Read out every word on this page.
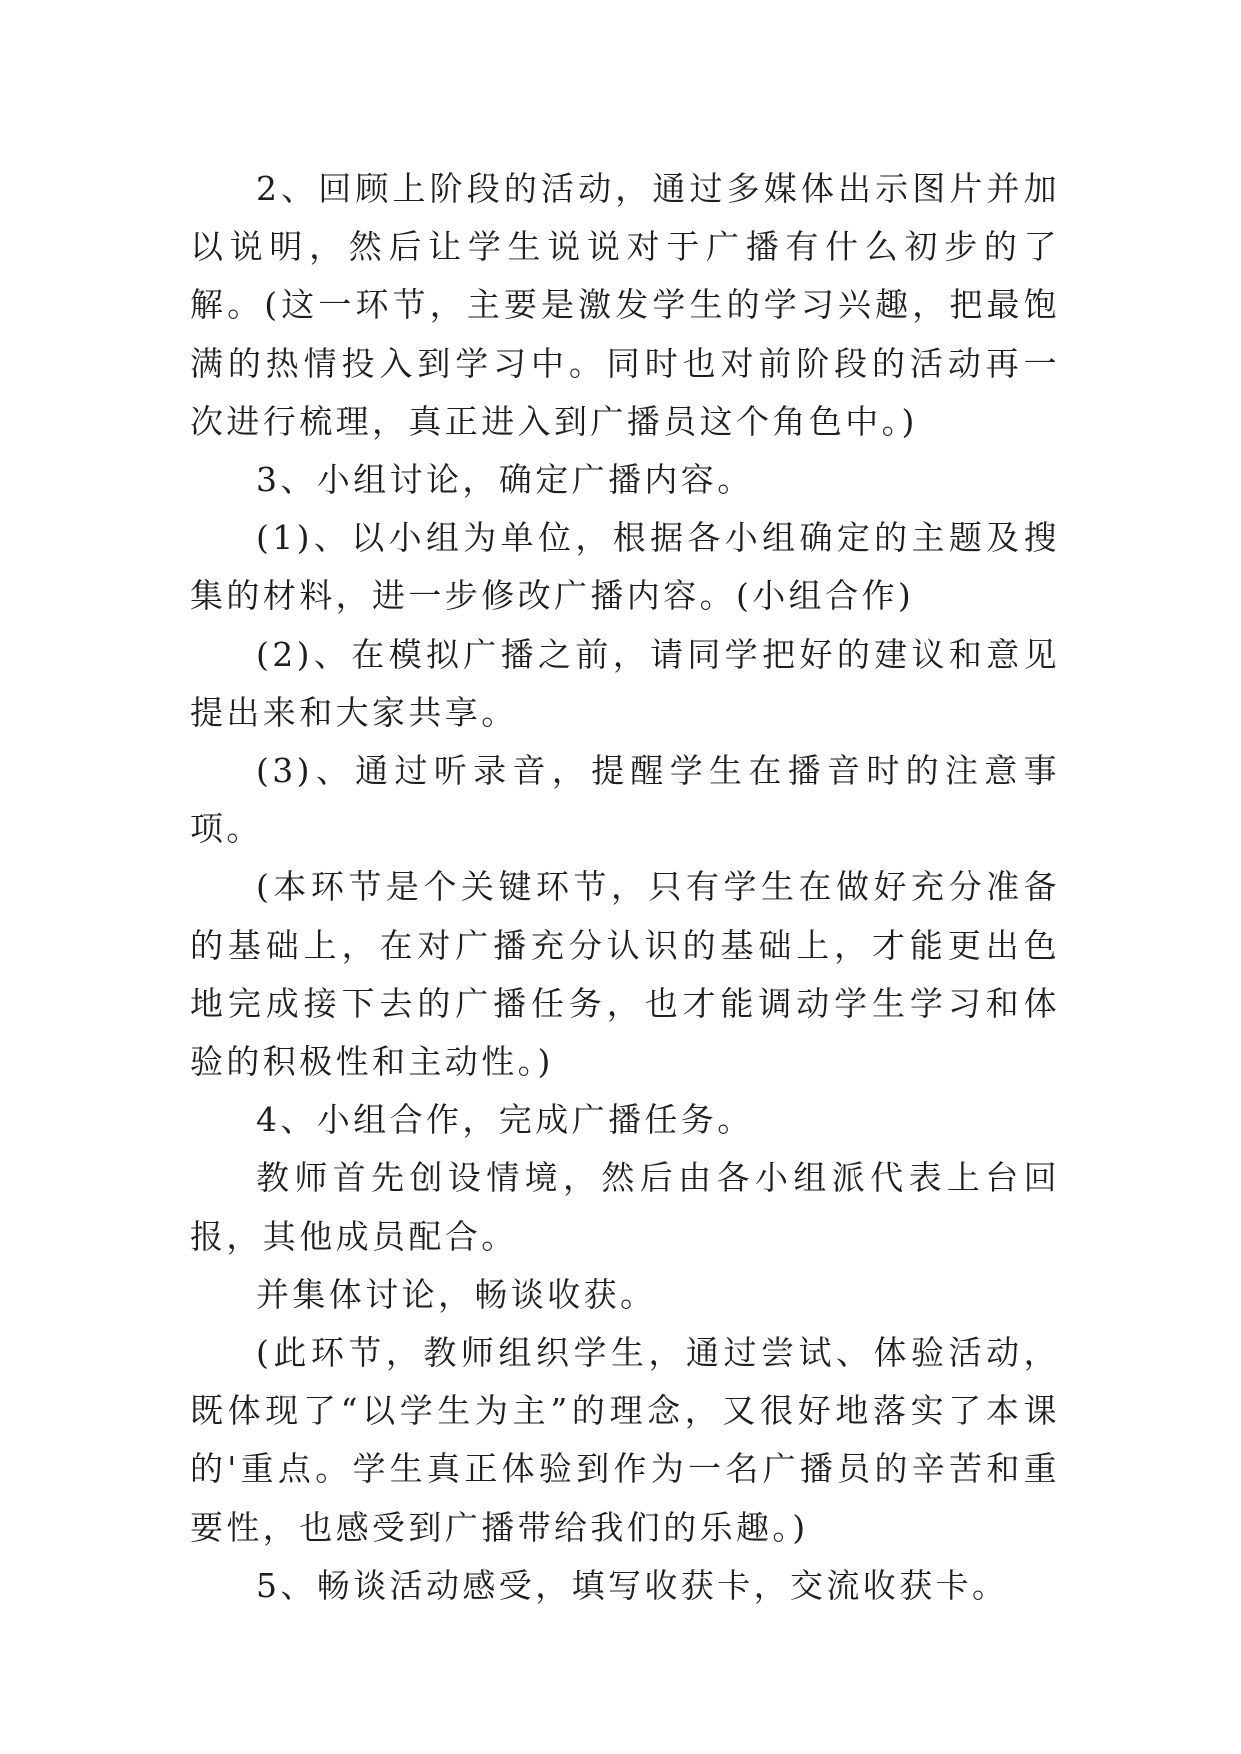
2、回顾上阶段的活动，通过多媒体出示图片并加以说明，然后让学生说说对于广播有什么初步的了解。(这一环节，主要是激发学生的学习兴趣，把最饱满的热情投入到学习中。同时也对前阶段的活动再一次进行梳理，真正进入到广播员这个角色中。)

3、小组讨论，确定广播内容。

(1)、以小组为单位，根据各小组确定的主题及搜集的材料，进一步修改广播内容。(小组合作)

(2)、在模拟广播之前，请同学把好的建议和意见提出来和大家共享。

(3)、通过听录音，提醒学生在播音时的注意事项。

(本环节是个关键环节，只有学生在做好充分准备的基础上，在对广播充分认识的基础上，才能更出色地完成接下去的广播任务，也才能调动学生学习和体验的积极性和主动性。)

4、小组合作，完成广播任务。

教师首先创设情境，然后由各小组派代表上台回报，其他成员配合。

并集体讨论，畅谈收获。

(此环节，教师组织学生，通过尝试、体验活动，既体现了“以学生为主”的理念，又很好地落实了本课的'重点。学生真正体验到作为一名广播员的辛苦和重要性，也感受到广播带给我们的乐趣。)

5、畅谈活动感受，填写收获卡，交流收获卡。
